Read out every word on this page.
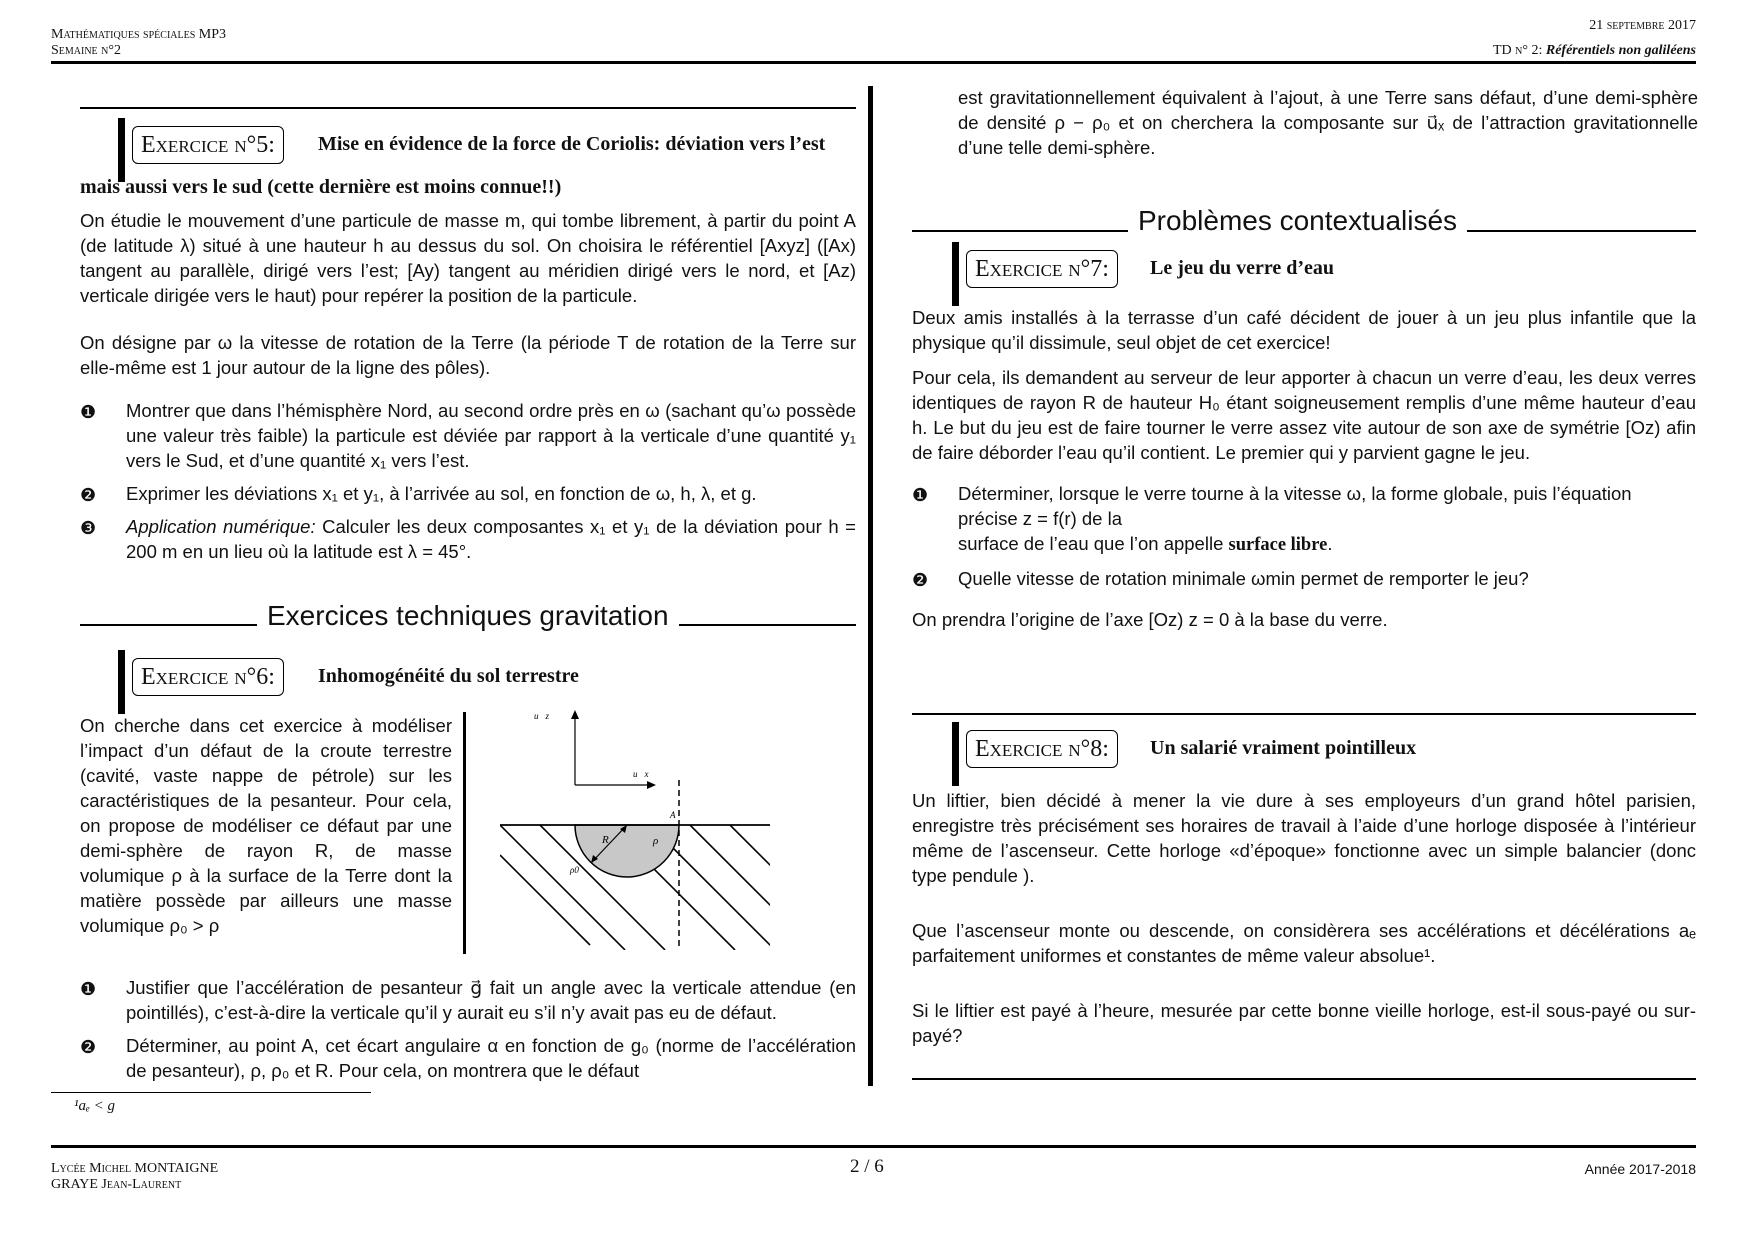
Mathématiques spéciales MP3
Semaine n°2
21 septembre 2017
TD n° 2: Référentiels non galiléens
Exercice n°5:	Mise en évidence de la force de Coriolis: déviation vers l’est
mais aussi vers le sud (cette dernière est moins connue!!)

On étudie le mouvement d’une particule de masse m, qui tombe librement, à partir du point A (de latitude λ) situé à une hauteur h au dessus du sol. On choisira le référentiel [Axyz] ([Ax) tangent au parallèle, dirigé vers l’est; [Ay) tangent au méridien dirigé vers le nord, et [Az) verticale dirigée vers le haut) pour repérer la position de la particule.

On désigne par ω la vitesse de rotation de la Terre (la période T de rotation de la Terre sur elle-même est 1 jour autour de la ligne des pôles).

❶ Montrer que dans l’hémisphère Nord, au second ordre près en ω (sachant qu’ω possède une valeur très faible) la particule est déviée par rapport à la verticale d’une quantité y₁ vers le Sud, et d’une quantité x₁ vers l’est.
❷ Exprimer les déviations x₁ et y₁, à l’arrivée au sol, en fonction de ω, h, λ, et g.
❸ Application numérique: Calculer les deux composantes x₁ et y₁ de la déviation pour h = 200 m en un lieu où la latitude est λ = 45°.
Exercices techniques gravitation
Exercice n°6:	Inhomogénéité du sol terrestre

On cherche dans cet exercice à modéliser l’impact d’un défaut de la croute terrestre (cavité, vaste nappe de pétrole) sur les caractéristiques de la pesanteur. Pour cela, on propose de modéliser ce défaut par une demi-sphère de rayon R, de masse volumique ρ à la surface de la Terre dont la matière possède par ailleurs une masse volumique ρ₀ > ρ

u⃗z
u⃗x
A
R	ρ
ρ0
❶ Justifier que l’accélération de pesanteur g⃗ fait un angle avec la verticale attendue (en pointillés), c’est-à-dire la verticale qu’il y aurait eu s’il n’y avait pas eu de défaut.
❷ Déterminer, au point A, cet écart angulaire α en fonction de g₀ (norme de l’accélération de pesanteur), ρ, ρ₀ et R. Pour cela, on montrera que le défaut
¹aₑ < g

est gravitationnellement équivalent à l’ajout, à une Terre sans défaut, d’une demi-sphère de densité ρ − ρ₀ et on cherchera la composante sur u⃗ₓ de l’attraction gravitationnelle d’une telle demi-sphère.

Problèmes contextualisés
Exercice n°7:	Le jeu du verre d’eau

Deux amis installés à la terrasse d’un café décident de jouer à un jeu plus infantile que la physique qu’il dissimule, seul objet de cet exercice!

Pour cela, ils demandent au serveur de leur apporter à chacun un verre d’eau, les deux verres identiques de rayon R de hauteur H₀ étant soigneusement remplis d’une même hauteur d’eau h. Le but du jeu est de faire tourner le verre assez vite autour de son axe de symétrie [Oz) afin de faire déborder l’eau qu’il contient. Le premier qui y parvient gagne le jeu.

❶ Déterminer, lorsque le verre tourne à la vitesse ω, la forme globale, puis l’équation précise z = f(r) de la
surface de l’eau que l’on appelle surface libre.
❷ Quelle vitesse de rotation minimale ωmin permet de remporter le jeu?

On prendra l’origine de l’axe [Oz) z = 0 à la base du verre.

Exercice n°8:	Un salarié vraiment pointilleux

Un liftier, bien décidé à mener la vie dure à ses employeurs d’un grand hôtel parisien, enregistre très précisément ses horaires de travail à l’aide d’une horloge disposée à l’intérieur même de l’ascenseur. Cette horloge «d’époque» fonctionne avec un simple balancier (donc type pendule ).

Que l’ascenseur monte ou descende, on considèrera ses accélérations et décélérations aₑ parfaitement uniformes et constantes de même valeur absolue¹.

Si le liftier est payé à l’heure, mesurée par cette bonne vieille horloge, est-il sous-payé ou sur-payé?

Lycée Michel MONTAIGNE
GRAYE Jean-Laurent
2 / 6	Année 2017-2018
